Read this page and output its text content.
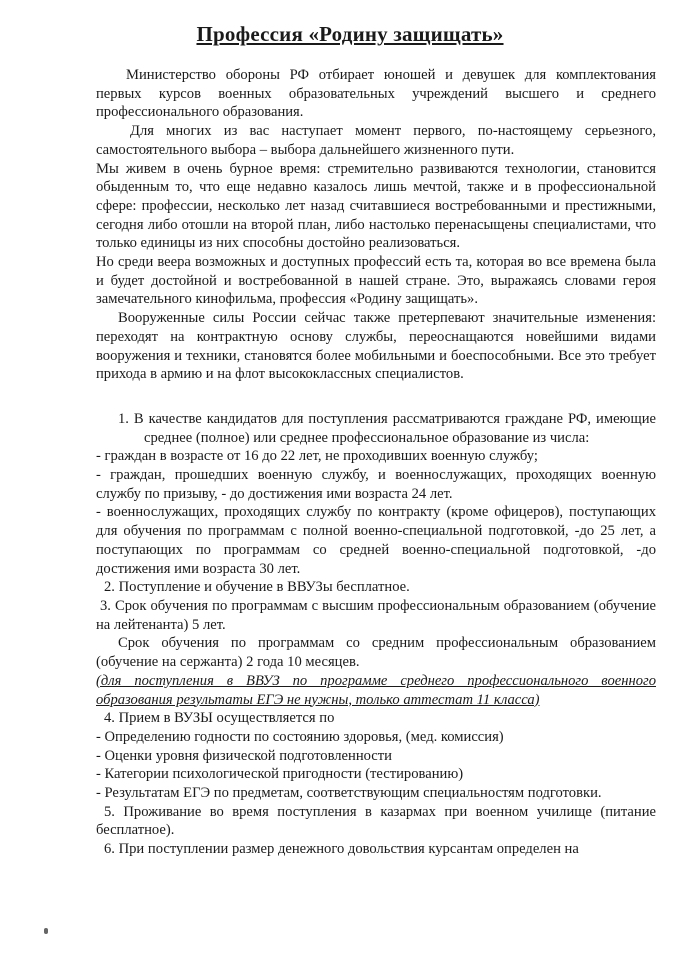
Профессия «Родину защищать»

Министерство обороны РФ отбирает юношей и девушек для комплектования первых курсов военных образовательных учреждений высшего и среднего профессионального образования.

Для многих из вас наступает момент первого, по-настоящему серьезного, самостоятельного выбора – выбора дальнейшего жизненного пути.

Мы живем в очень бурное время: стремительно развиваются технологии, становится обыденным то, что еще недавно казалось лишь мечтой, также и в профессиональной сфере: профессии, несколько лет назад считавшиеся востребованными и престижными, сегодня либо отошли на второй план, либо настолько перенасыщены специалистами, что только единицы из них способны достойно реализоваться.

Но среди веера возможных и доступных профессий есть та, которая во все времена была и будет достойной и востребованной в нашей стране. Это, выражаясь словами героя замечательного кинофильма, профессия «Родину защищать».

Вооруженные силы России сейчас также претерпевают значительные изменения: переходят на контрактную основу службы, переоснащаются новейшими видами вооружения и техники, становятся более мобильными и боеспособными. Все это требует прихода в армию и на флот высококлассных специалистов.

1. В качестве кандидатов для поступления рассматриваются граждане РФ, имеющие среднее (полное) или среднее профессиональное образование из числа:

- граждан в возрасте от 16 до 22 лет, не проходивших военную службу;

- граждан, прошедших военную службу, и военнослужащих, проходящих военную службу по призыву, - до достижения ими возраста 24 лет.

- военнослужащих, проходящих службу по контракту (кроме офицеров), поступающих для обучения по программам с полной военно-специальной подготовкой, -до 25 лет, а поступающих по программам со средней военно-специальной подготовкой, -до достижения ими возраста 30 лет.

2. Поступление и обучение в ВВУЗы бесплатное.

3. Срок обучения по программам с высшим профессиональным образованием (обучение на лейтенанта) 5 лет.

Срок обучения по программам со средним профессиональным образованием (обучение на сержанта) 2 года 10 месяцев.

(для поступления в ВВУЗ по программе среднего профессионального военного образования результаты ЕГЭ не нужны, только аттестат 11 класса)

4. Прием в ВУЗЫ осуществляется по

- Определению годности по состоянию здоровья, (мед. комиссия)

- Оценки уровня физической подготовленности

- Категории психологической пригодности (тестированию)

- Результатам ЕГЭ по предметам, соответствующим специальностям подготовки.

5. Проживание во время поступления в казармах при военном училище (питание бесплатное).

6. При поступлении размер денежного довольствия курсантам определен на
